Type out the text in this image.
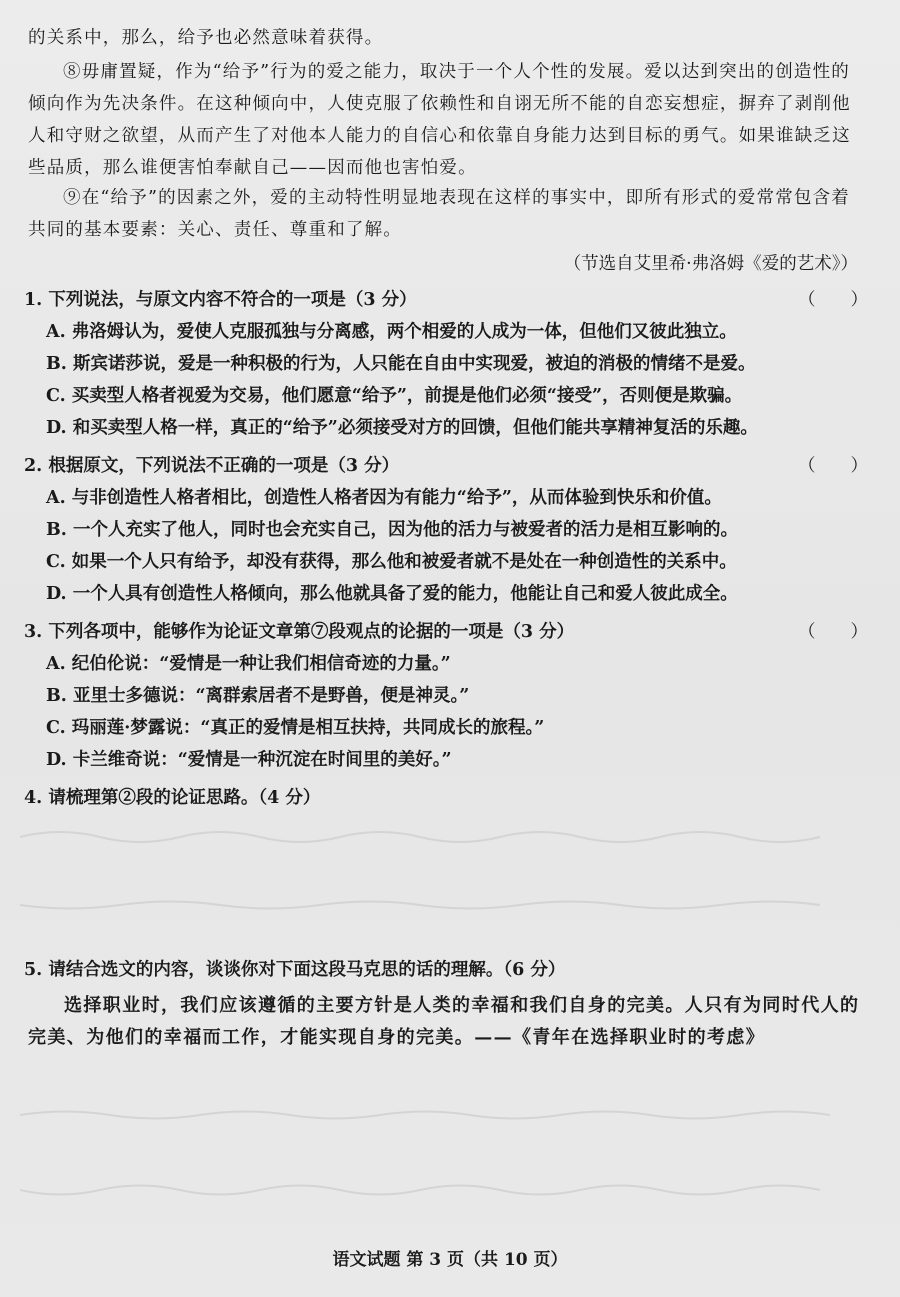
的关系中，那么，给予也必然意味着获得。
⑧毋庸置疑，作为“给予”行为的爱之能力，取决于一个人个性的发展。爱以达到突出的创造性的倾向作为先决条件。在这种倾向中，人使克服了依赖性和自诩无所不能的自恋妄想症，摒弃了剥削他人和守财之欲望，从而产生了对他本人能力的自信心和依靠自身能力达到目标的勇气。如果谁缺乏这些品质，那么谁便害怕奉献自己——因而他也害怕爱。
⑨在“给予”的因素之外，爱的主动特性明显地表现在这样的事实中，即所有形式的爱常常包含着共同的基本要素：关心、责任、尊重和了解。
（节选自艾里希·弗洛姆《爱的艺术》）
1. 下列说法，与原文内容不符合的一项是（3 分）	（　　）
A. 弗洛姆认为，爱使人克服孤独与分离感，两个相爱的人成为一体，但他们又彼此独立。
B. 斯宾诺莎说，爱是一种积极的行为，人只能在自由中实现爱，被迫的消极的情绪不是爱。
C. 买卖型人格者视爱为交易，他们愿意“给予”，前提是他们必须“接受”，否则便是欺骗。
D. 和买卖型人格一样，真正的“给予”必须接受对方的回馈，但他们能共享精神复活的乐趣。
2. 根据原文，下列说法不正确的一项是（3 分）	（　　）
A. 与非创造性人格者相比，创造性人格者因为有能力“给予”，从而体验到快乐和价值。
B. 一个人充实了他人，同时也会充实自己，因为他的活力与被爱者的活力是相互影响的。
C. 如果一个人只有给予，却没有获得，那么他和被爱者就不是处在一种创造性的关系中。
D. 一个人具有创造性人格倾向，那么他就具备了爱的能力，他能让自己和爱人彼此成全。
3. 下列各项中，能够作为论证文章第⑦段观点的论据的一项是（3 分）	（　　）
A. 纪伯伦说：“爱情是一种让我们相信奇迹的力量。”
B. 亚里士多德说：“离群索居者不是野兽，便是神灵。”
C. 玛丽莲·梦露说：“真正的爱情是相互扶持，共同成长的旅程。”
D. 卡兰维奇说：“爱情是一种沉淀在时间里的美好。”
4. 请梳理第②段的论证思路。（4 分）
5. 请结合选文的内容，谈谈你对下面这段马克思的话的理解。（6 分）
选择职业时，我们应该遵循的主要方针是人类的幸福和我们自身的完美。人只有为同时代人的完美、为他们的幸福而工作，才能实现自身的完美。——《青年在选择职业时的考虑》
语文试题 第 3 页（共 10 页）
